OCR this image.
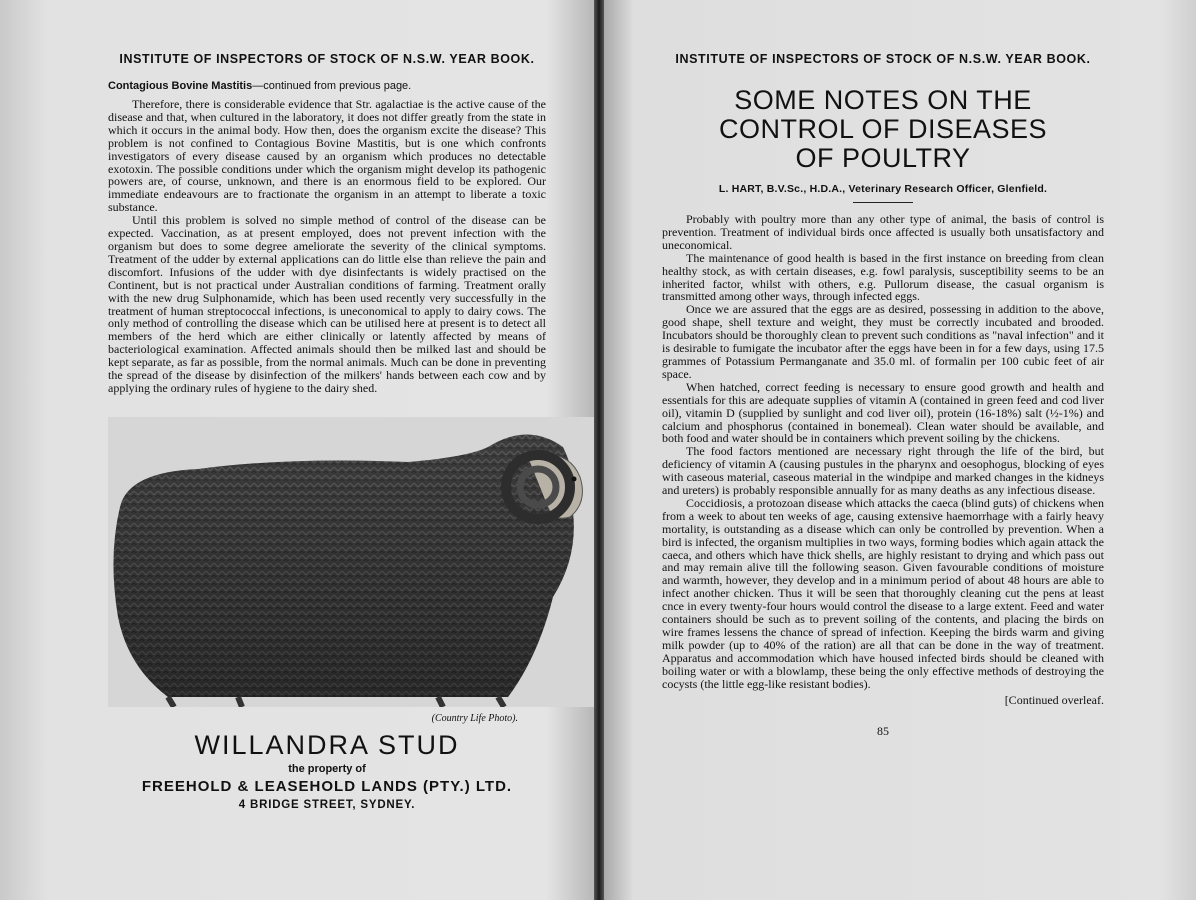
INSTITUTE OF INSPECTORS OF STOCK OF N.S.W. YEAR BOOK.
Contagious Bovine Mastitis—continued from previous page.

Therefore, there is considerable evidence that Str. agalactiae is the active cause of the disease and that, when cultured in the laboratory, it does not differ greatly from the state in which it occurs in the animal body. How then, does the organism excite the disease? This problem is not confined to Contagious Bovine Mastitis, but is one which confronts investigators of every disease caused by an organism which produces no detectable exotoxin. The possible conditions under which the organism might develop its pathogenic powers are, of course, unknown, and there is an enormous field to be explored. Our immediate endeavours are to fractionate the organism in an attempt to liberate a toxic substance.

Until this problem is solved no simple method of control of the disease can be expected. Vaccination, as at present employed, does not prevent infection with the organism but does to some degree ameliorate the severity of the clinical symptoms. Treatment of the udder by external applications can do little else than relieve the pain and discomfort. Infusions of the udder with dye disinfectants is widely practised on the Continent, but is not practical under Australian conditions of farming. Treatment orally with the new drug Sulphonamide, which has been used recently very successfully in the treatment of human streptococcal infections, is uneconomical to apply to dairy cows. The only method of controlling the disease which can be utilised here at present is to detect all members of the herd which are either clinically or latently affected by means of bacteriological examination. Affected animals should then be milked last and should be kept separate, as far as possible, from the normal animals. Much can be done in preventing the spread of the disease by disinfection of the milkers' hands between each cow and by applying the ordinary rules of hygiene to the dairy shed.

(Country Life Photo).
WILLANDRA STUD
the property of
FREEHOLD & LEASEHOLD LANDS (PTY.) LTD.
4 BRIDGE STREET, SYDNEY.
INSTITUTE OF INSPECTORS OF STOCK OF N.S.W. YEAR BOOK.
SOME NOTES ON THE
CONTROL OF DISEASES
OF POULTRY
L. HART, B.V.Sc., H.D.A., Veterinary Research Officer, Glenfield.

Probably with poultry more than any other type of animal, the basis of control is prevention. Treatment of individual birds once affected is usually both unsatisfactory and uneconomical.

The maintenance of good health is based in the first instance on breeding from clean healthy stock, as with certain diseases, e.g. fowl paralysis, susceptibility seems to be an inherited factor, whilst with others, e.g. Pullorum disease, the casual organism is transmitted among other ways, through infected eggs.

Once we are assured that the eggs are as desired, possessing in addition to the above, good shape, shell texture and weight, they must be correctly incubated and brooded. Incubators should be thoroughly clean to prevent such conditions as "naval infection" and it is desirable to fumigate the incubator after the eggs have been in for a few days, using 17.5 grammes of Potassium Permanganate and 35.0 ml. of formalin per 100 cubic feet of air space.

When hatched, correct feeding is necessary to ensure good growth and health and essentials for this are adequate supplies of vitamin A (contained in green feed and cod liver oil), vitamin D (supplied by sunlight and cod liver oil), protein (16-18%) salt (½-1%) and calcium and phosphorus (contained in bonemeal). Clean water should be available, and both food and water should be in containers which prevent soiling by the chickens.

The food factors mentioned are necessary right through the life of the bird, but deficiency of vitamin A (causing pustules in the pharynx and oesophogus, blocking of eyes with caseous material, caseous material in the windpipe and marked changes in the kidneys and ureters) is probably responsible annually for as many deaths as any infectious disease.

Coccidiosis, a protozoan disease which attacks the caeca (blind guts) of chickens when from a week to about ten weeks of age, causing extensive haemorrhage with a fairly heavy mortality, is outstanding as a disease which can only be controlled by prevention. When a bird is infected, the organism multiplies in two ways, forming bodies which again attack the caeca, and others which have thick shells, are highly resistant to drying and which pass out and may remain alive till the following season. Given favourable conditions of moisture and warmth, however, they develop and in a minimum period of about 48 hours are able to infect another chicken. Thus it will be seen that thoroughly cleaning cut the pens at least cnce in every twenty-four hours would control the disease to a large extent. Feed and water containers should be such as to prevent soiling of the contents, and placing the birds on wire frames lessens the chance of spread of infection. Keeping the birds warm and giving milk powder (up to 40% of the ration) are all that can be done in the way of treatment. Apparatus and accommodation which have housed infected birds should be cleaned with boiling water or with a blowlamp, these being the only effective methods of destroying the cocysts (the little egg-like resistant bodies).

[Continued overleaf.
85
